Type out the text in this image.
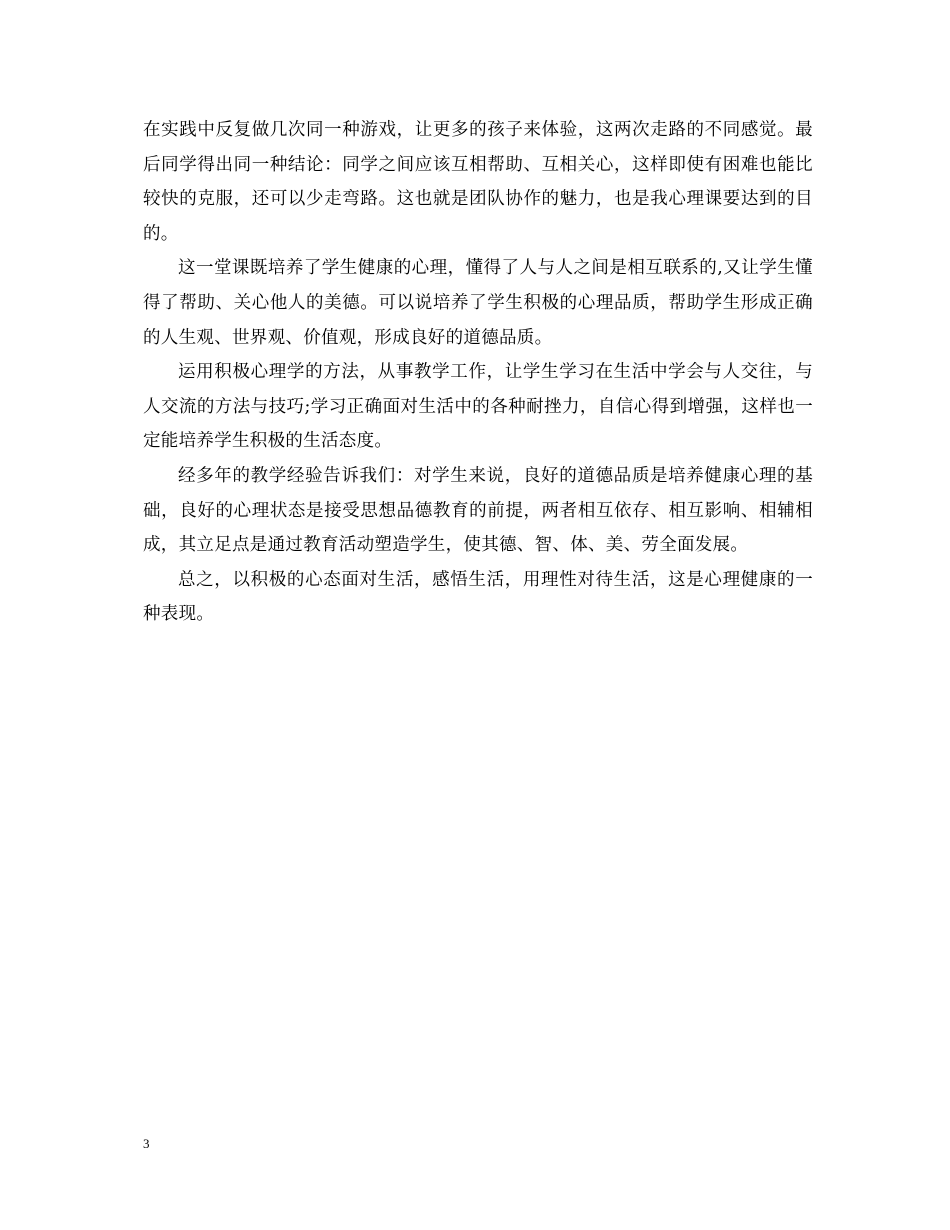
在实践中反复做几次同一种游戏，让更多的孩子来体验，这两次走路的不同感觉。最后同学得出同一种结论：同学之间应该互相帮助、互相关心，这样即使有困难也能比较快的克服，还可以少走弯路。这也就是团队协作的魅力，也是我心理课要达到的目的。

这一堂课既培养了学生健康的心理，懂得了人与人之间是相互联系的,又让学生懂得了帮助、关心他人的美德。可以说培养了学生积极的心理品质，帮助学生形成正确的人生观、世界观、价值观，形成良好的道德品质。

运用积极心理学的方法，从事教学工作，让学生学习在生活中学会与人交往，与人交流的方法与技巧;学习正确面对生活中的各种耐挫力，自信心得到增强，这样也一定能培养学生积极的生活态度。

经多年的教学经验告诉我们：对学生来说，良好的道德品质是培养健康心理的基础，良好的心理状态是接受思想品德教育的前提，两者相互依存、相互影响、相辅相成，其立足点是通过教育活动塑造学生，使其德、智、体、美、劳全面发展。

总之，以积极的心态面对生活，感悟生活，用理性对待生活，这是心理健康的一种表现。

3
